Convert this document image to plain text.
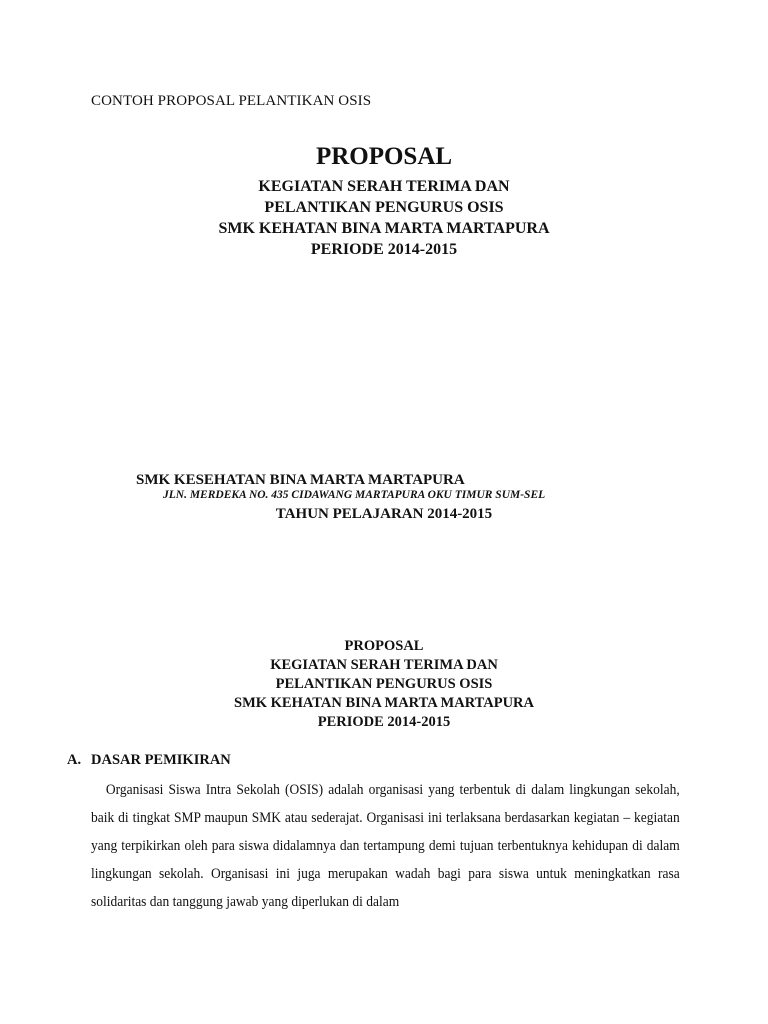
CONTOH PROPOSAL PELANTIKAN OSIS
PROPOSAL
KEGIATAN SERAH TERIMA DAN
PELANTIKAN PENGURUS OSIS
SMK KEHATAN BINA MARTA MARTAPURA
PERIODE 2014-2015
SMK KESEHATAN BINA MARTA MARTAPURA
JLN. MERDEKA NO. 435 CIDAWANG MARTAPURA OKU TIMUR SUM-SEL
TAHUN PELAJARAN 2014-2015
PROPOSAL
KEGIATAN SERAH TERIMA DAN
PELANTIKAN PENGURUS OSIS
SMK KEHATAN BINA MARTA MARTAPURA
PERIODE 2014-2015
A. DASAR PEMIKIRAN
Organisasi Siswa Intra Sekolah (OSIS) adalah organisasi yang terbentuk di dalam lingkungan sekolah, baik di tingkat SMP maupun SMK atau sederajat. Organisasi ini terlaksana berdasarkan kegiatan – kegiatan yang terpikirkan oleh para siswa didalamnya dan tertampung demi tujuan terbentuknya kehidupan di dalam lingkungan sekolah. Organisasi ini juga merupakan wadah bagi para siswa untuk meningkatkan rasa solidaritas dan tanggung jawab yang diperlukan di dalam
